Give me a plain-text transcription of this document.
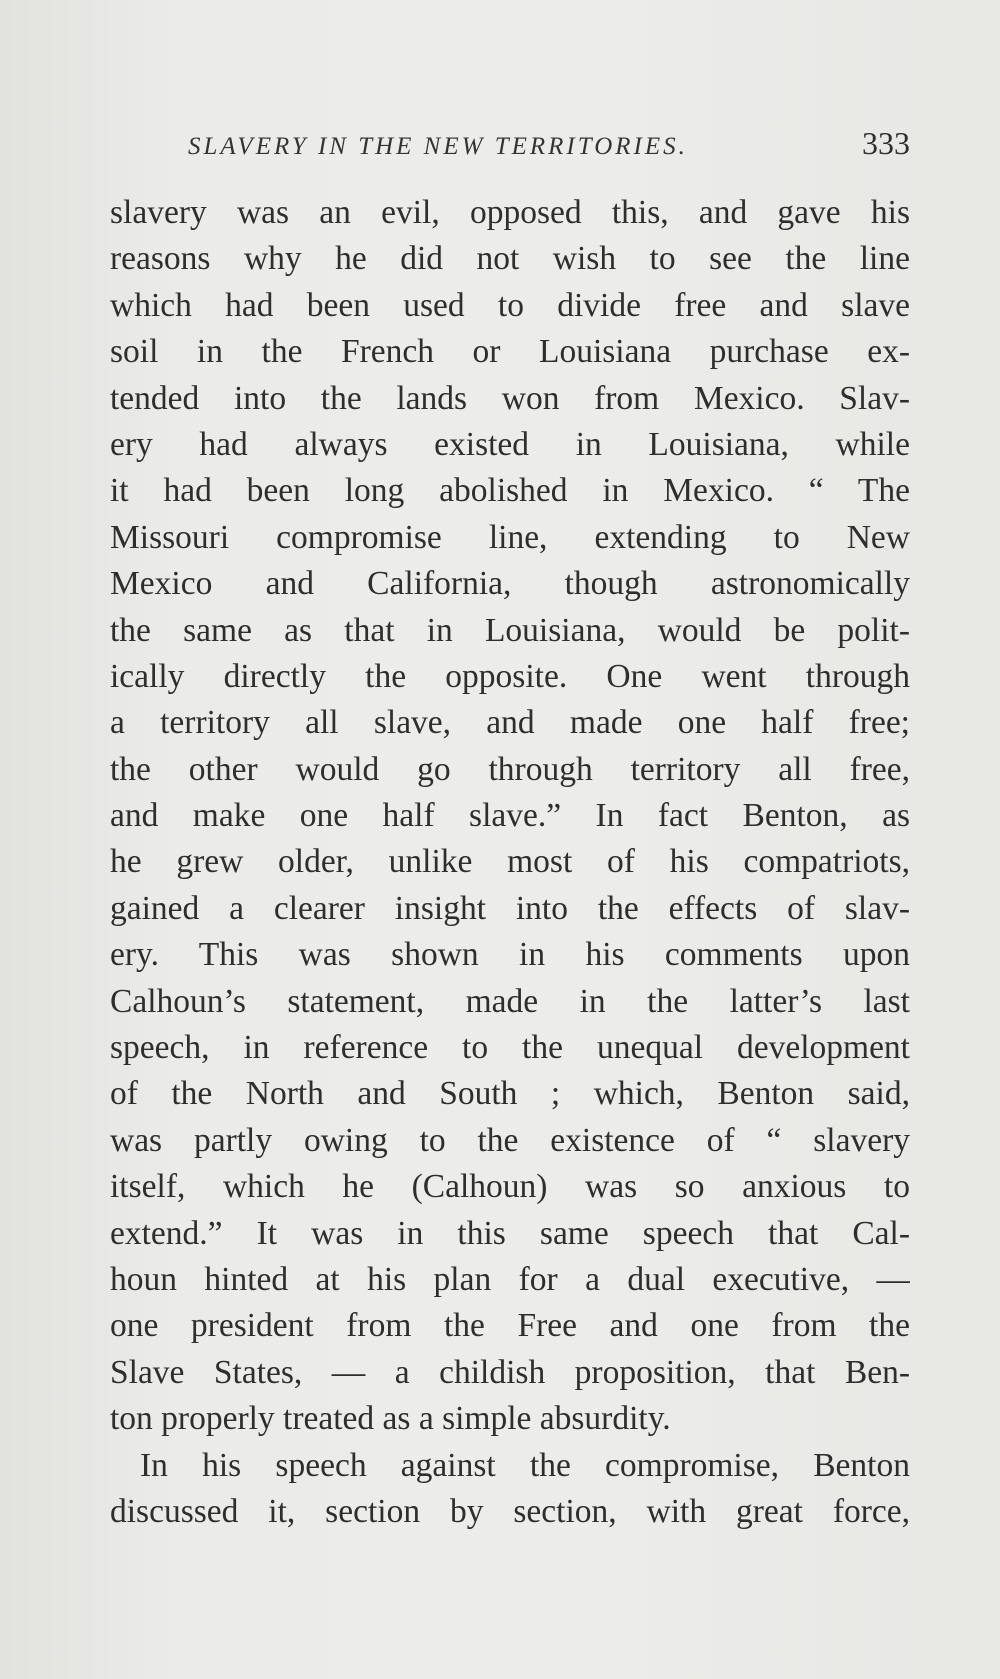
SLAVERY IN THE NEW TERRITORIES.	333
slavery was an evil, opposed this, and gave his
reasons why he did not wish to see the line
which had been used to divide free and slave
soil in the French or Louisiana purchase ex-
tended into the lands won from Mexico. Slav-
ery had always existed in Louisiana, while
it had been long abolished in Mexico. “ The
Missouri compromise line, extending to New
Mexico and California, though astronomically
the same as that in Louisiana, would be polit-
ically directly the opposite. One went through
a territory all slave, and made one half free;
the other would go through territory all free,
and make one half slave.” In fact Benton, as
he grew older, unlike most of his compatriots,
gained a clearer insight into the effects of slav-
ery. This was shown in his comments upon
Calhoun’s statement, made in the latter’s last
speech, in reference to the unequal development
of the North and South ; which, Benton said,
was partly owing to the existence of “ slavery
itself, which he (Calhoun) was so anxious to
extend.” It was in this same speech that Cal-
houn hinted at his plan for a dual executive, —
one president from the Free and one from the
Slave States, — a childish proposition, that Ben-
ton properly treated as a simple absurdity.
In his speech against the compromise, Benton
discussed it, section by section, with great force,
